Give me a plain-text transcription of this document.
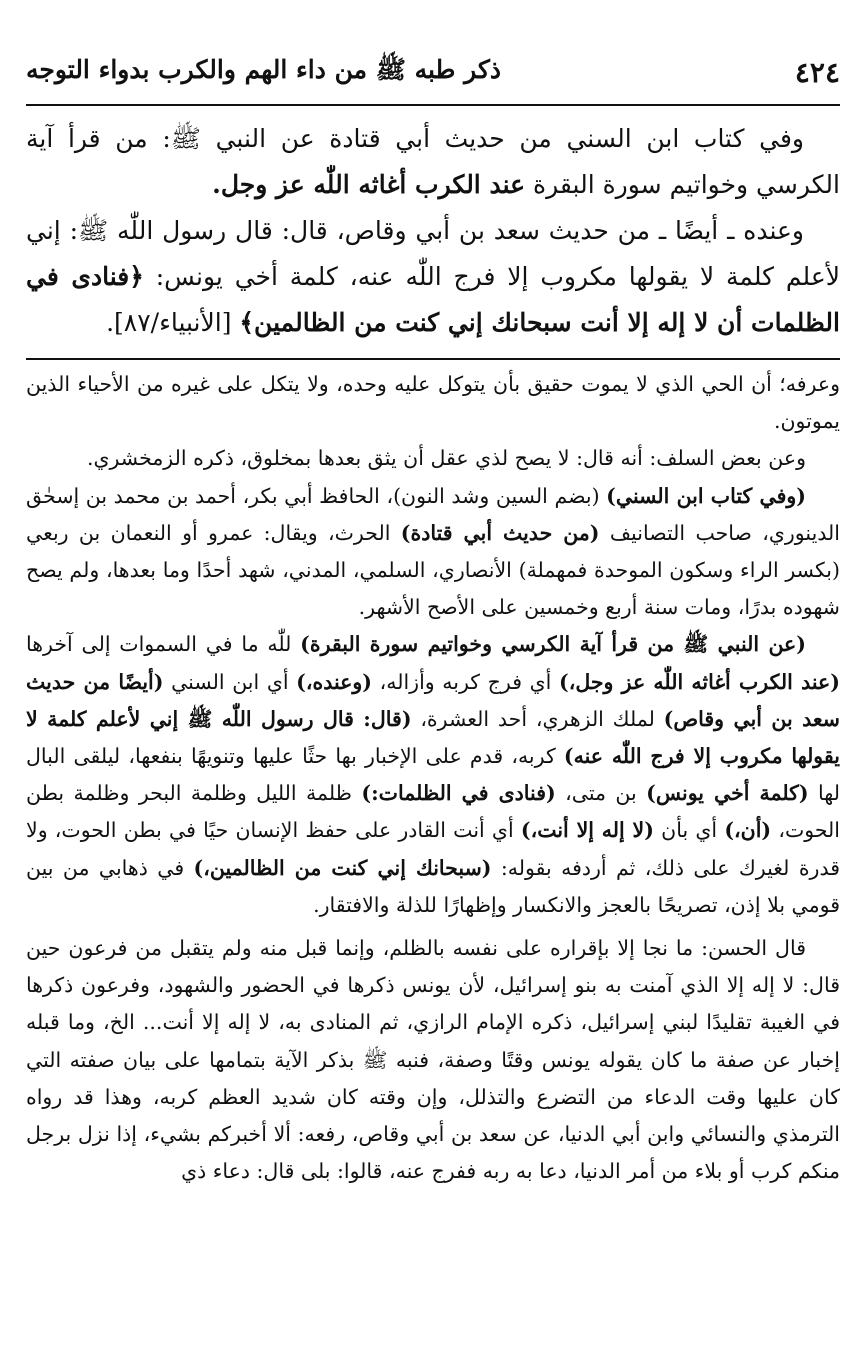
٤٢٤
ذكر طبه ﷺ من داء الهم والكرب بدواء التوجه

وفي كتاب ابن السني من حديث أبي قتادة عن النبي ﷺ: من قرأ آية الكرسي وخواتيم سورة البقرة عند الكرب أغاثه اللّٰه عز وجل.

وعنده ـ أيضًا ـ من حديث سعد بن أبي وقاص، قال: قال رسول اللّٰه ﷺ: إني لأعلم كلمة لا يقولها مكروب إلا فرج اللّٰه عنه، كلمة أخي يونس: ﴿فنادى في الظلمات أن لا إله إلا أنت سبحانك إني كنت من الظالمين﴾ [الأنبياء/٨٧].

وعرفه؛ أن الحي الذي لا يموت حقيق بأن يتوكل عليه وحده، ولا يتكل على غيره من الأحياء الذين يموتون.

وعن بعض السلف: أنه قال: لا يصح لذي عقل أن يثق بعدها بمخلوق، ذكره الزمخشري.

(وفي كتاب ابن السني) (بضم السين وشد النون)، الحافظ أبي بكر، أحمد بن محمد بن إسحٰق الدينوري، صاحب التصانيف (من حديث أبي قتادة) الحرث، ويقال: عمرو أو النعمان بن ربعي (بكسر الراء وسكون الموحدة فمهملة) الأنصاري، السلمي، المدني، شهد أحدًا وما بعدها، ولم يصح شهوده بدرًا، ومات سنة أربع وخمسين على الأصح الأشهر.

(عن النبي ﷺ من قرأ آية الكرسي وخواتيم سورة البقرة) للّٰه ما في السموات إلى آخرها (عند الكرب أغاثه اللّٰه عز وجل،) أي فرج كربه وأزاله، (وعنده،) أي ابن السني (أيضًا من حديث سعد بن أبي وقاص) لملك الزهري، أحد العشرة، (قال: قال رسول اللّٰه ﷺ إني لأعلم كلمة لا يقولها مكروب إلا فرج اللّٰه عنه) كربه، قدم على الإخبار بها حثًا عليها وتنويهًا بنفعها، ليلقى البال لها (كلمة أخي يونس) بن متى، (فنادى في الظلمات:) ظلمة الليل وظلمة البحر وظلمة بطن الحوت، (أن،) أي بأن (لا إله إلا أنت،) أي أنت القادر على حفظ الإنسان حيًا في بطن الحوت، ولا قدرة لغيرك على ذلك، ثم أردفه بقوله: (سبحانك إني كنت من الظالمين،) في ذهابي من بين قومي بلا إذن، تصريحًا بالعجز والانكسار وإظهارًا للذلة والافتقار.

قال الحسن: ما نجا إلا بإقراره على نفسه بالظلم، وإنما قبل منه ولم يتقبل من فرعون حين قال: لا إله إلا الذي آمنت به بنو إسرائيل، لأن يونس ذكرها في الحضور والشهود، وفرعون ذكرها في الغيبة تقليدًا لبني إسرائيل، ذكره الإمام الرازي، ثم المنادى به، لا إله إلا أنت... الخ، وما قبله إخبار عن صفة ما كان يقوله يونس وقتًا وصفة، فنبه ﷺ بذكر الآية بتمامها على بيان صفته التي كان عليها وقت الدعاء من التضرع والتذلل، وإن وقته كان شديد العظم كربه، وهذا قد رواه الترمذي والنسائي وابن أبي الدنيا، عن سعد بن أبي وقاص، رفعه: ألا أخبركم بشيء، إذا نزل برجل منكم كرب أو بلاء من أمر الدنيا، دعا به ربه ففرج عنه، قالوا: بلى قال: دعاء ذي
